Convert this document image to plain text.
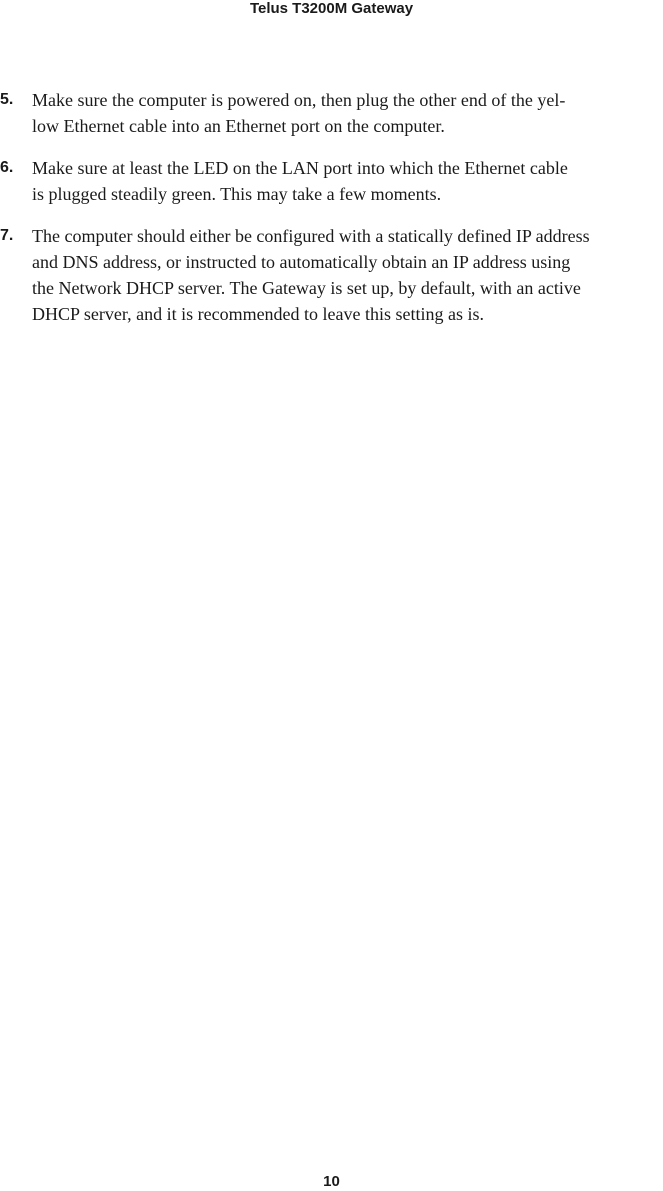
Telus T3200M Gateway
5. Make sure the computer is powered on, then plug the other end of the yel-
low Ethernet cable into an Ethernet port on the computer.
6. Make sure at least the LED on the LAN port into which the Ethernet cable
is plugged steadily green. This may take a few moments.
7. The computer should either be configured with a statically defined IP address
and DNS address, or instructed to automatically obtain an IP address using
the Network DHCP server. The Gateway is set up, by default, with an active
DHCP server, and it is recommended to leave this setting as is.
10
